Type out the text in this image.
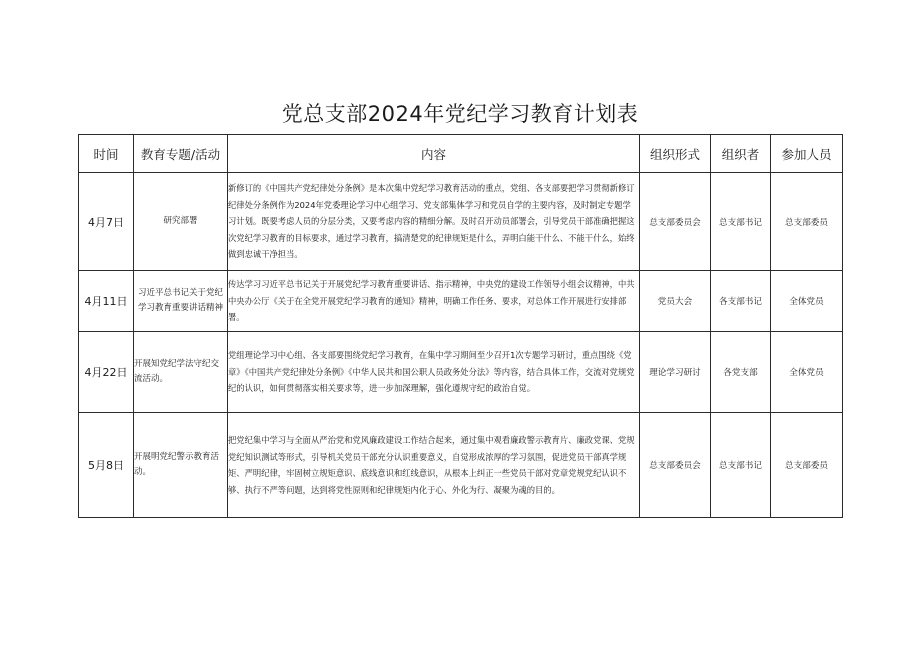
党总支部2024年党纪学习教育计划表
时间	教育专题/活动	内容	组织形式	组织者	参加人员
4月7日	研究部署	新修订的《中国共产党纪律处分条例》是本次集中党纪学习教育活动的重点，党组、各支部要把学习贯彻新修订纪律处分条例作为2024年党委理论学习中心组学习、党支部集体学习和党员自学的主要内容，及时制定专题学习计划。既要考虑人员的分层分类，又要考虑内容的精细分解。及时召开动员部署会，引导党员干部准确把握这次党纪学习教育的目标要求，通过学习教育，搞清楚党的纪律规矩是什么，弄明白能干什么、不能干什么，始终做到忠诚干净担当。	总支部委员会	总支部书记	总支部委员
4月11日	习近平总书记关于党纪学习教育重要讲话精神	传达学习习近平总书记关于开展党纪学习教育重要讲话、指示精神，中央党的建设工作领导小组会议精神，中共中央办公厅《关于在全党开展党纪学习教育的通知》精神，明确工作任务、要求，对总体工作开展进行安排部署。	党员大会	各支部书记	全体党员
4月22日	开展知党纪学法守纪交流活动。	党组理论学习中心组、各支部要围绕党纪学习教育，在集中学习期间至少召开1次专题学习研讨，重点围绕《党章》《中国共产党纪律处分条例》《中华人民共和国公职人员政务处分法》等内容，结合具体工作，交流对党规党纪的认识，如何贯彻落实相关要求等，进一步加深理解，强化遵规守纪的政治自觉。	理论学习研讨	各党支部	全体党员
5月8日	开展明党纪警示教育活动。	把党纪集中学习与全面从严治党和党风廉政建设工作结合起来，通过集中观看廉政警示教育片、廉政党课、党规党纪知识测试等形式，引导机关党员干部充分认识重要意义，自觉形成浓厚的学习氛围，促进党员干部真学规矩、严明纪律，牢固树立规矩意识、底线意识和红线意识，从根本上纠正一些党员干部对党章党规党纪认识不够、执行不严等问题，达到将党性原则和纪律规矩内化于心、外化为行、凝聚为魂的目的。	总支部委员会	总支部书记	总支部委员
